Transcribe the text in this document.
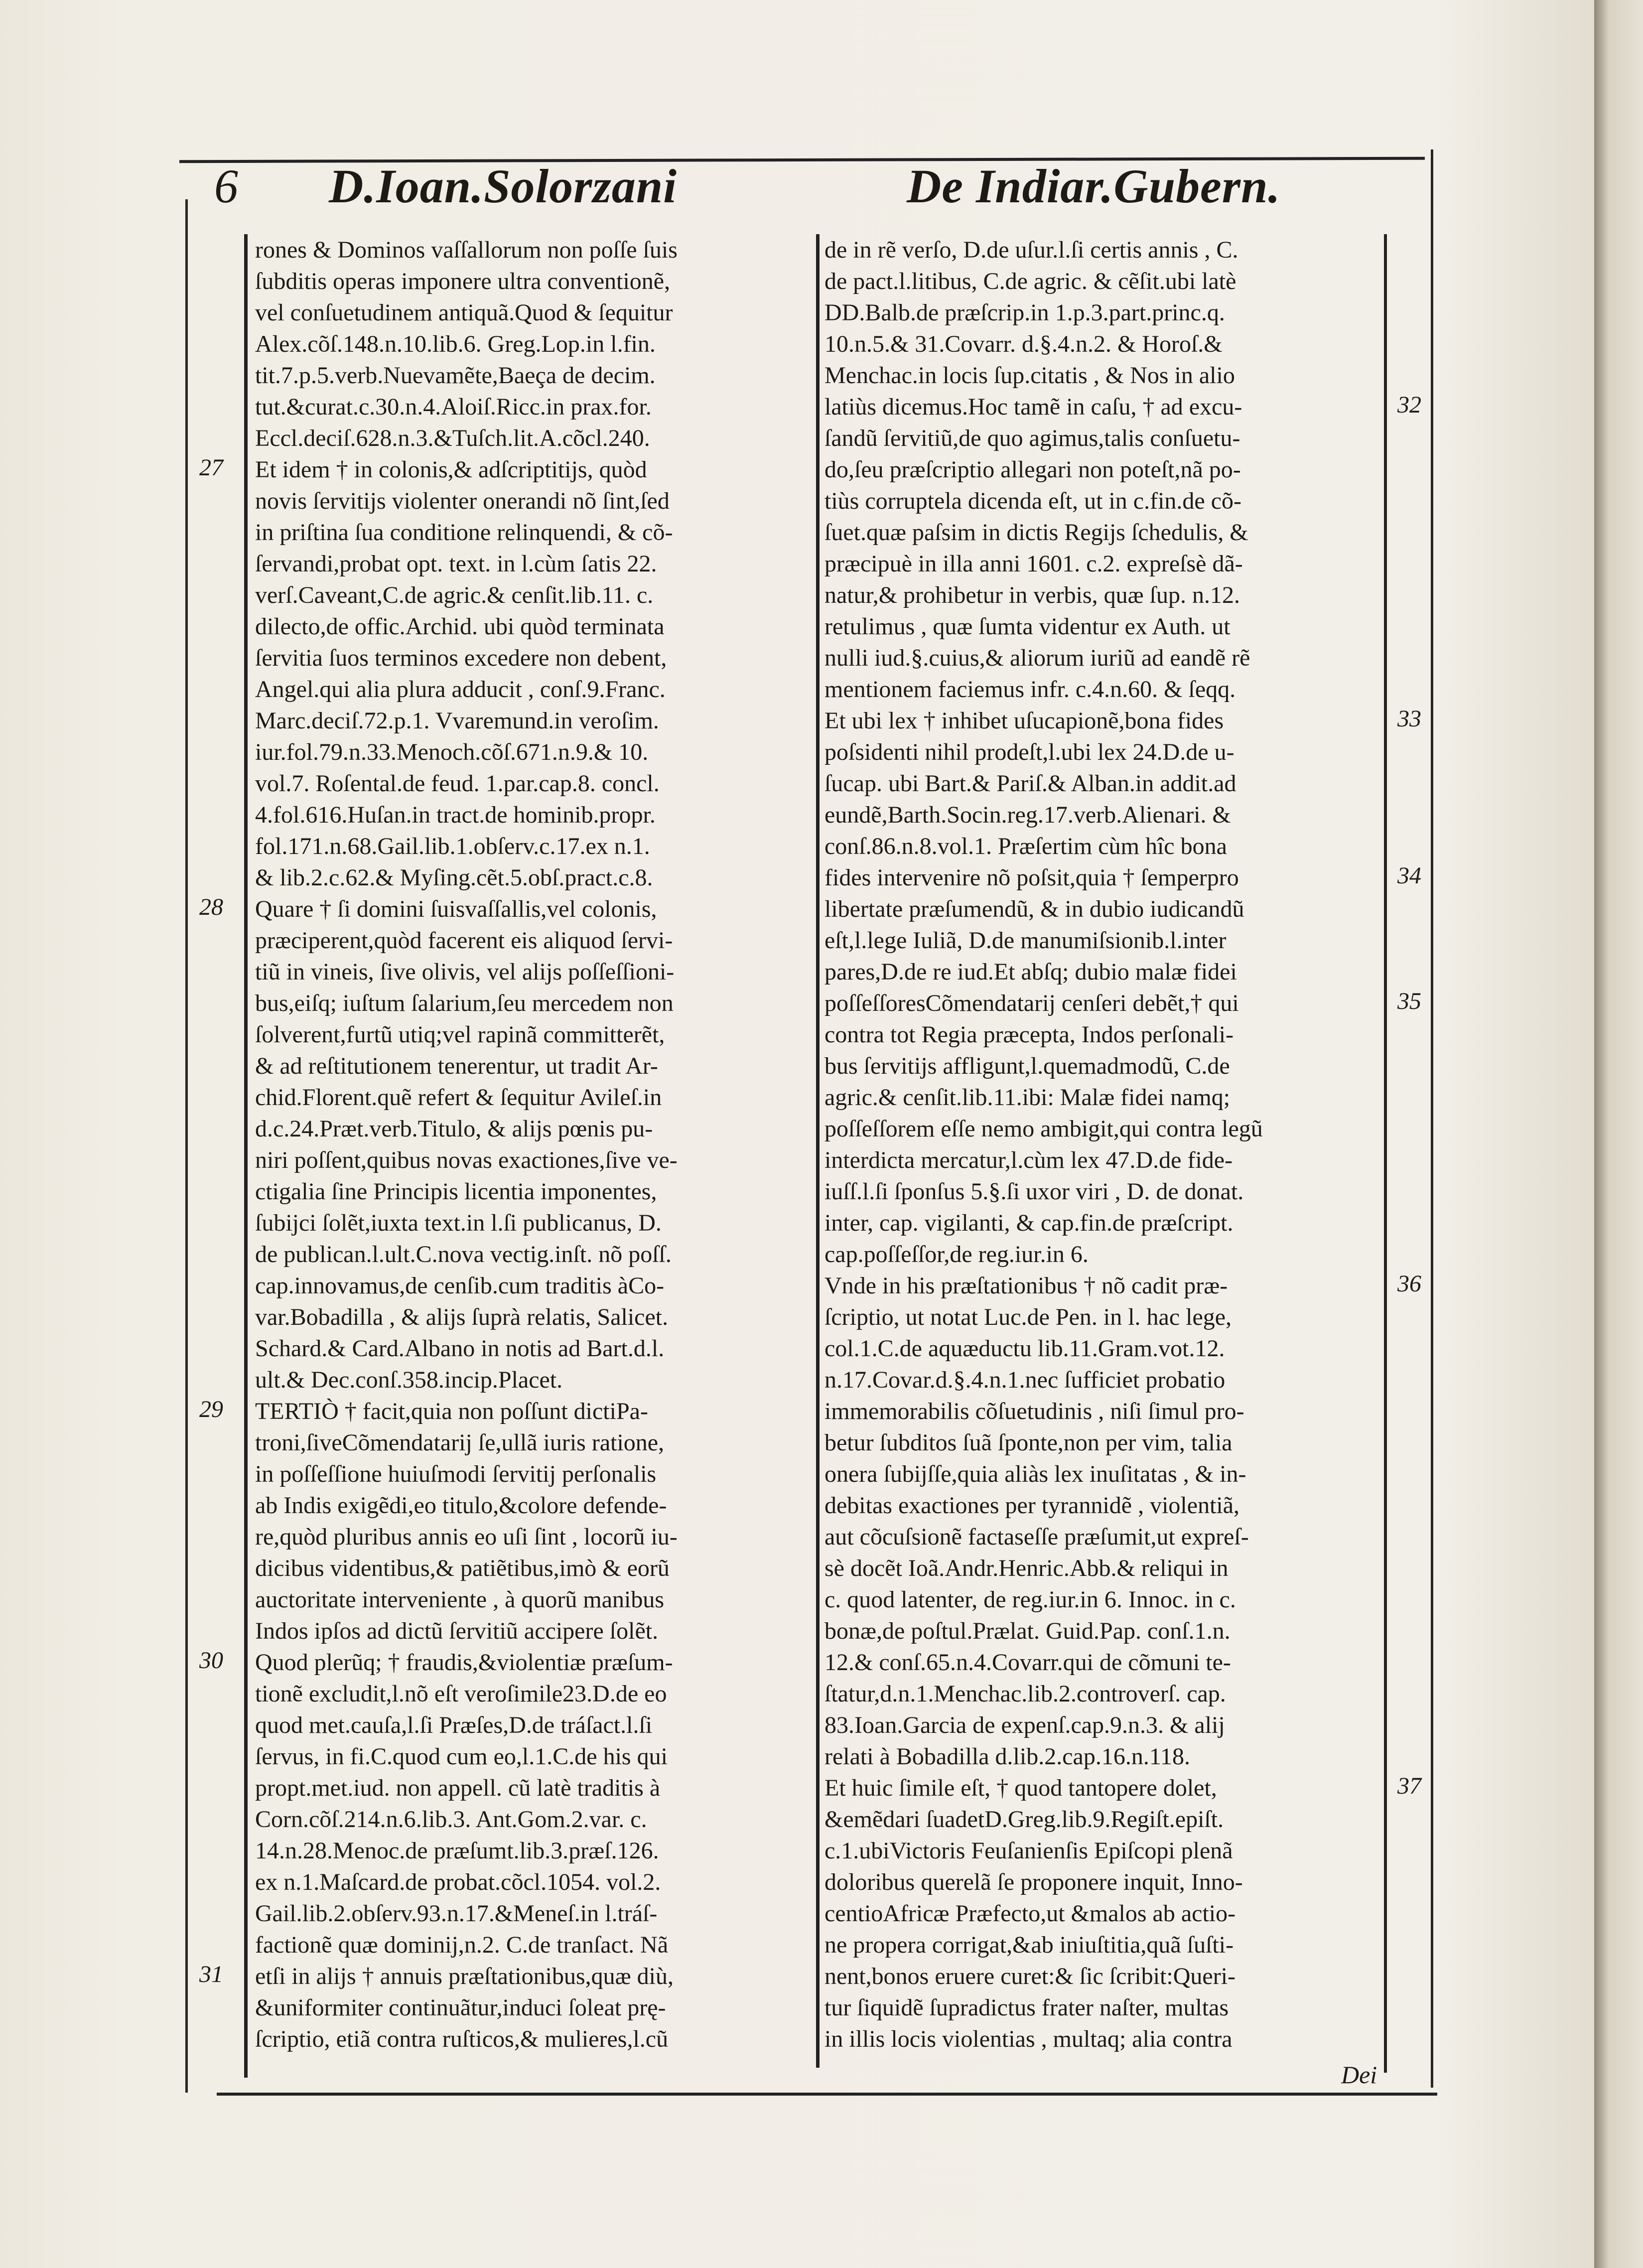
6 D.Ioan.Solorzani	De Indiar.Gubern.
rones & Dominos vaſſallorum non poſſe ſuis
ſubditis operas imponere ultra conventionẽ,
vel conſuetudinem antiquã.Quod & ſequitur
Alex.cõſ.148.n.10.lib.6. Greg.Lop.in l.fin.
tit.7.p.5.verb.Nuevamẽte,Baeça de decim.
tut.&curat.c.30.n.4.Aloiſ.Ricc.in prax.for.
Eccl.deciſ.628.n.3.&Tuſch.lit.A.cõcl.240.
Et idem † in colonis,& adſcriptitijs, quòd
novis ſervitijs violenter onerandi nõ ſint,ſed
in priſtina ſua conditione relinquendi, & cõ-
ſervandi,probat opt. text. in l.cùm ſatis 22.
verſ.Caveant,C.de agric.& cenſit.lib.11. c.
dilecto,de offic.Archid. ubi quòd terminata
ſervitia ſuos terminos excedere non debent,
Angel.qui alia plura adducit , conſ.9.Franc.
Marc.deciſ.72.p.1. Vvaremund.in veroſim.
iur.fol.79.n.33.Menoch.cõſ.671.n.9.& 10.
vol.7. Roſental.de feud. 1.par.cap.8. concl.
4.fol.616.Huſan.in tract.de hominib.propr.
fol.171.n.68.Gail.lib.1.obſerv.c.17.ex n.1.
& lib.2.c.62.& Myſing.cẽt.5.obſ.pract.c.8.
Quare † ſi domini ſuisvaſſallis,vel colonis,
præciperent,quòd facerent eis aliquod ſervi-
tiũ in vineis, ſive olivis, vel alijs poſſeſſioni-
bus,eiſq; iuſtum ſalarium,ſeu mercedem non
ſolverent,furtũ utiq;vel rapinã committerẽt,
& ad reſtitutionem tenerentur, ut tradit Ar-
chid.Florent.quẽ refert & ſequitur Avileſ.in
d.c.24.Præt.verb.Titulo, & alijs pœnis pu-
niri poſſent,quibus novas exactiones,ſive ve-
ctigalia ſine Principis licentia imponentes,
ſubijci ſolẽt,iuxta text.in l.ſi publicanus, D.
de publican.l.ult.C.nova vectig.inſt. nõ poſſ.
cap.innovamus,de cenſib.cum traditis àCo-
var.Bobadilla , & alijs ſuprà relatis, Salicet.
Schard.& Card.Albano in notis ad Bart.d.l.
ult.& Dec.conſ.358.incip.Placet.
TERTIÒ † facit,quia non poſſunt dictiPa-
troni,ſiveCõmendatarij ſe,ullã iuris ratione,
in poſſeſſione huiuſmodi ſervitij perſonalis
ab Indis exigẽdi,eo titulo,&colore defende-
re,quòd pluribus annis eo uſi ſint , locorũ iu-
dicibus videntibus,& patiẽtibus,imò & eorũ
auctoritate interveniente , à quorũ manibus
Indos ipſos ad dictũ ſervitiũ accipere ſolẽt.
Quod plerũq; † fraudis,&violentiæ præſum-
tionẽ excludit,l.nõ eſt veroſimile23.D.de eo
quod met.cauſa,l.ſi Præſes,D.de tráſact.l.ſi
ſervus, in fi.C.quod cum eo,l.1.C.de his qui
propt.met.iud. non appell. cũ latè traditis à
Corn.cõſ.214.n.6.lib.3. Ant.Gom.2.var. c.
14.n.28.Menoc.de præſumt.lib.3.præſ.126.
ex n.1.Maſcard.de probat.cõcl.1054. vol.2.
Gail.lib.2.obſerv.93.n.17.&Meneſ.in l.tráſ-
factionẽ quæ dominij,n.2. C.de tranſact. Nã
etſi in alijs † annuis præſtationibus,quæ diù,
&uniformiter continuãtur,induci ſoleat prę-
ſcriptio, etiã contra ruſticos,& mulieres,l.cũ
de in rẽ verſo, D.de uſur.l.ſi certis annis , C.
de pact.l.litibus, C.de agric. & cẽſit.ubi latè
DD.Balb.de præſcrip.in 1.p.3.part.princ.q.
10.n.5.& 31.Covarr. d.§.4.n.2. & Horoſ.&
Menchac.in locis ſup.citatis , & Nos in alio
latiùs dicemus.Hoc tamẽ in caſu, † ad excu-
ſandũ ſervitiũ,de quo agimus,talis conſuetu-
do,ſeu præſcriptio allegari non poteſt,nã po-
tiùs corruptela dicenda eſt, ut in c.fin.de cõ-
ſuet.quæ paſsim in dictis Regijs ſchedulis, &
præcipuè in illa anni 1601. c.2. expreſsè dã-
natur,& prohibetur in verbis, quæ ſup. n.12.
retulimus , quæ ſumta videntur ex Auth. ut
nulli iud.§.cuius,& aliorum iuriũ ad eandẽ rẽ
mentionem faciemus infr. c.4.n.60. & ſeqq.
Et ubi lex † inhibet uſucapionẽ,bona fides
poſsidenti nihil prodeſt,l.ubi lex 24.D.de u-
ſucap. ubi Bart.& Pariſ.& Alban.in addit.ad
eundẽ,Barth.Socin.reg.17.verb.Alienari. &
conſ.86.n.8.vol.1. Præſertim cùm hîc bona
fides intervenire nõ poſsit,quia † ſemperpro
libertate præſumendũ, & in dubio iudicandũ
eſt,l.lege Iuliã, D.de manumiſsionib.l.inter
pares,D.de re iud.Et abſq; dubio malæ fidei
poſſeſſoresCõmendatarij cenſeri debẽt,† qui
contra tot Regia præcepta, Indos perſonali-
bus ſervitijs affligunt,l.quemadmodũ, C.de
agric.& cenſit.lib.11.ibi: Malæ fidei namq;
poſſeſſorem eſſe nemo ambigit,qui contra legũ
interdicta mercatur,l.cùm lex 47.D.de fide-
iuſſ.l.ſi ſponſus 5.§.ſi uxor viri , D. de donat.
inter, cap. vigilanti, & cap.fin.de præſcript.
cap.poſſeſſor,de reg.iur.in 6.
Vnde in his præſtationibus † nõ cadit præ-
ſcriptio, ut notat Luc.de Pen. in l. hac lege,
col.1.C.de aquæductu lib.11.Gram.vot.12.
n.17.Covar.d.§.4.n.1.nec ſufficiet probatio
immemorabilis cõſuetudinis , niſi ſimul pro-
betur ſubditos ſuã ſponte,non per vim, talia
onera ſubijſſe,quia aliàs lex inuſitatas , & in-
debitas exactiones per tyrannidẽ , violentiã,
aut cõcuſsionẽ factaseſſe præſumit,ut expreſ-
sè docẽt Ioã.Andr.Henric.Abb.& reliqui in
c. quod latenter, de reg.iur.in 6. Innoc. in c.
bonæ,de poſtul.Prælat. Guid.Pap. conſ.1.n.
12.& conſ.65.n.4.Covarr.qui de cõmuni te-
ſtatur,d.n.1.Menchac.lib.2.controverſ. cap.
83.Ioan.Garcia de expenſ.cap.9.n.3. & alij
relati à Bobadilla d.lib.2.cap.16.n.118.
Et huic ſimile eſt, † quod tantopere dolet,
&emẽdari ſuadetD.Greg.lib.9.Regiſt.epiſt.
c.1.ubiVictoris Feuſanienſis Epiſcopi plenã
doloribus querelã ſe proponere inquit, Inno-
centioAfricæ Præfecto,ut &malos ab actio-
ne propera corrigat,&ab iniuſtitia,quã ſuſti-
nent,bonos eruere curet:& ſic ſcribit:Queri-
tur ſiquidẽ ſupradictus frater naſter, multas
in illis locis violentias , multaq; alia contra
27
28
29
30
31
32
33
34
35
36
37
Dei
